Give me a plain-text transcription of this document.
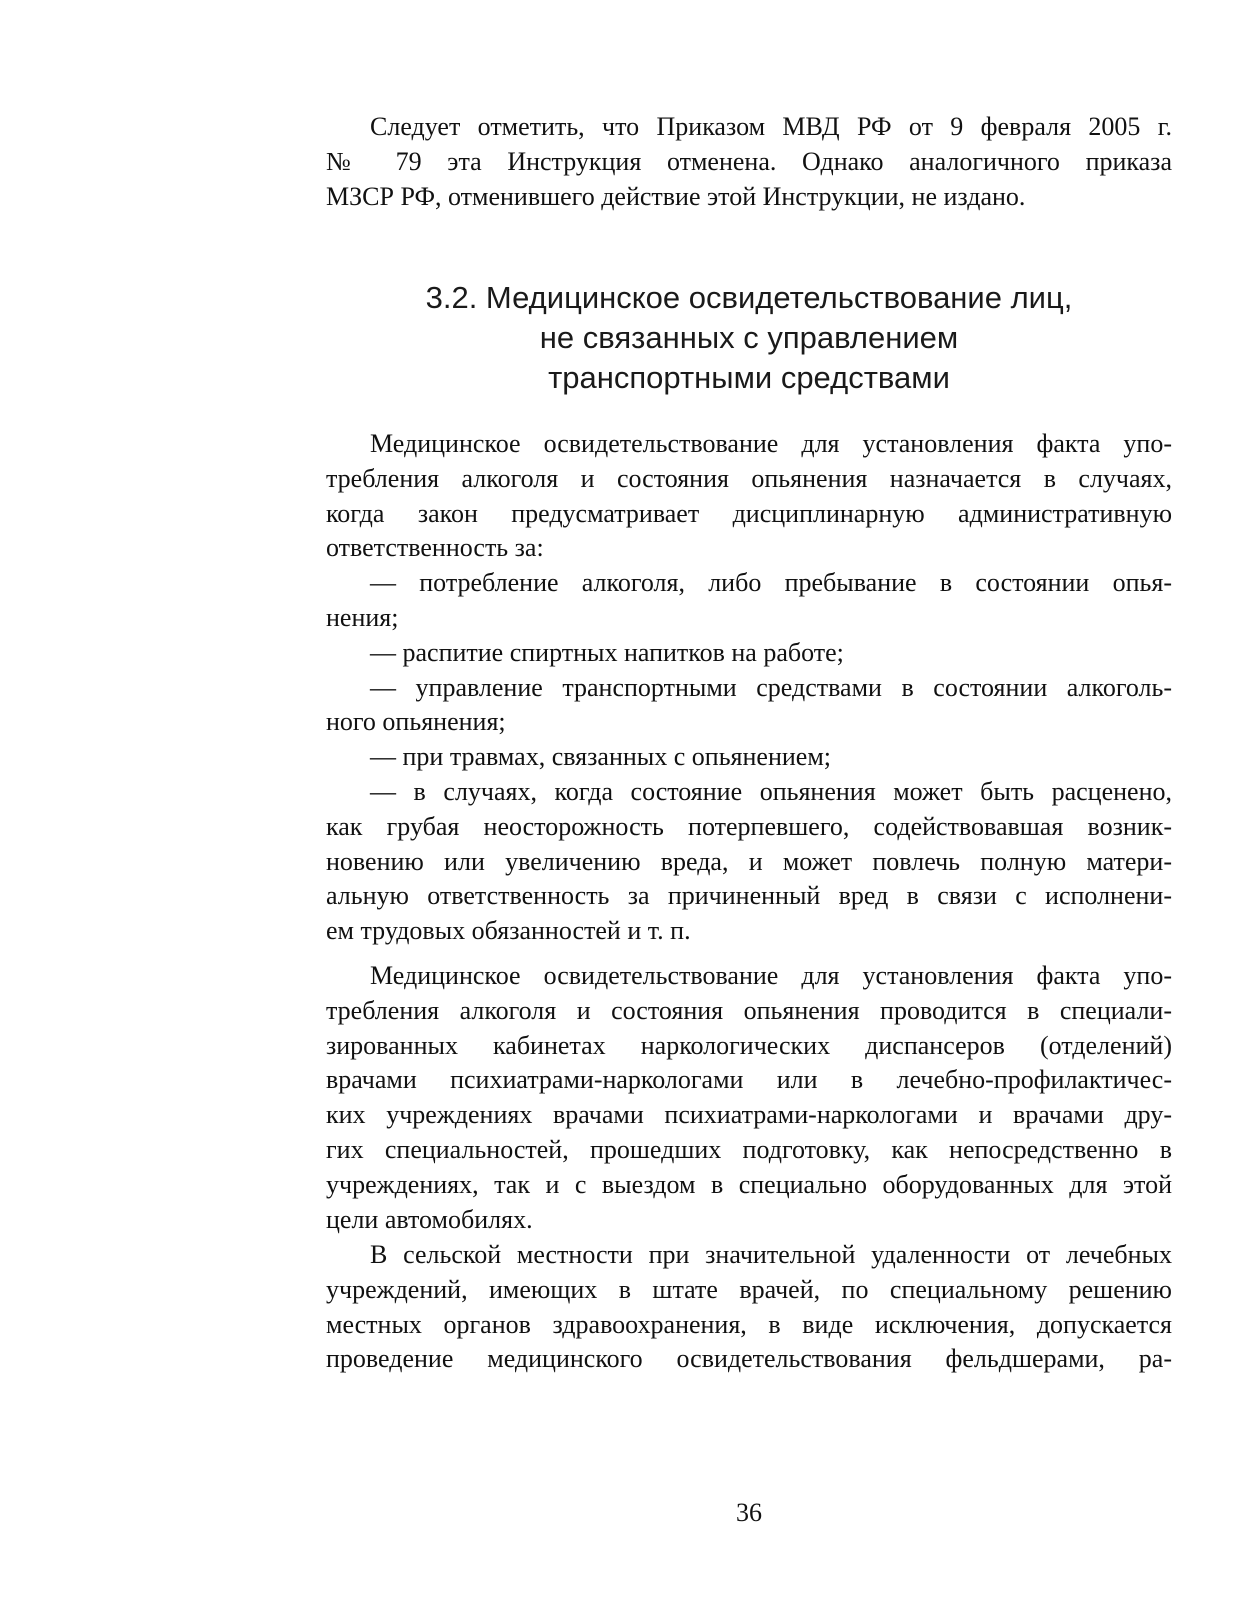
Следует отметить, что Приказом МВД РФ от 9 февраля 2005 г.
№ 79 эта Инструкция отменена. Однако аналогичного приказа
МЗСР РФ, отменившего действие этой Инструкции, не издано.
3.2. Медицинское освидетельствование лиц,
не связанных с управлением
транспортными средствами
Медицинское освидетельствование для установления факта упо-
требления алкоголя и состояния опьянения назначается в случаях,
когда закон предусматривает дисциплинарную административную
ответственность за:
— потребление алкоголя, либо пребывание в состоянии опья-
нения;
— распитие спиртных напитков на работе;
— управление транспортными средствами в состоянии алкоголь-
ного опьянения;
— при травмах, связанных с опьянением;
— в случаях, когда состояние опьянения может быть расценено,
как грубая неосторожность потерпевшего, содействовавшая возник-
новению или увеличению вреда, и может повлечь полную матери-
альную ответственность за причиненный вред в связи с исполнени-
ем трудовых обязанностей и т. п.
Медицинское освидетельствование для установления факта упо-
требления алкоголя и состояния опьянения проводится в специали-
зированных кабинетах наркологических диспансеров (отделений)
врачами психиатрами-наркологами или в лечебно-профилактичес-
ких учреждениях врачами психиатрами-наркологами и врачами дру-
гих специальностей, прошедших подготовку, как непосредственно в
учреждениях, так и с выездом в специально оборудованных для этой
цели автомобилях.
В сельской местности при значительной удаленности от лечебных
учреждений, имеющих в штате врачей, по специальному решению
местных органов здравоохранения, в виде исключения, допускается
проведение медицинского освидетельствования фельдшерами, ра-
36
